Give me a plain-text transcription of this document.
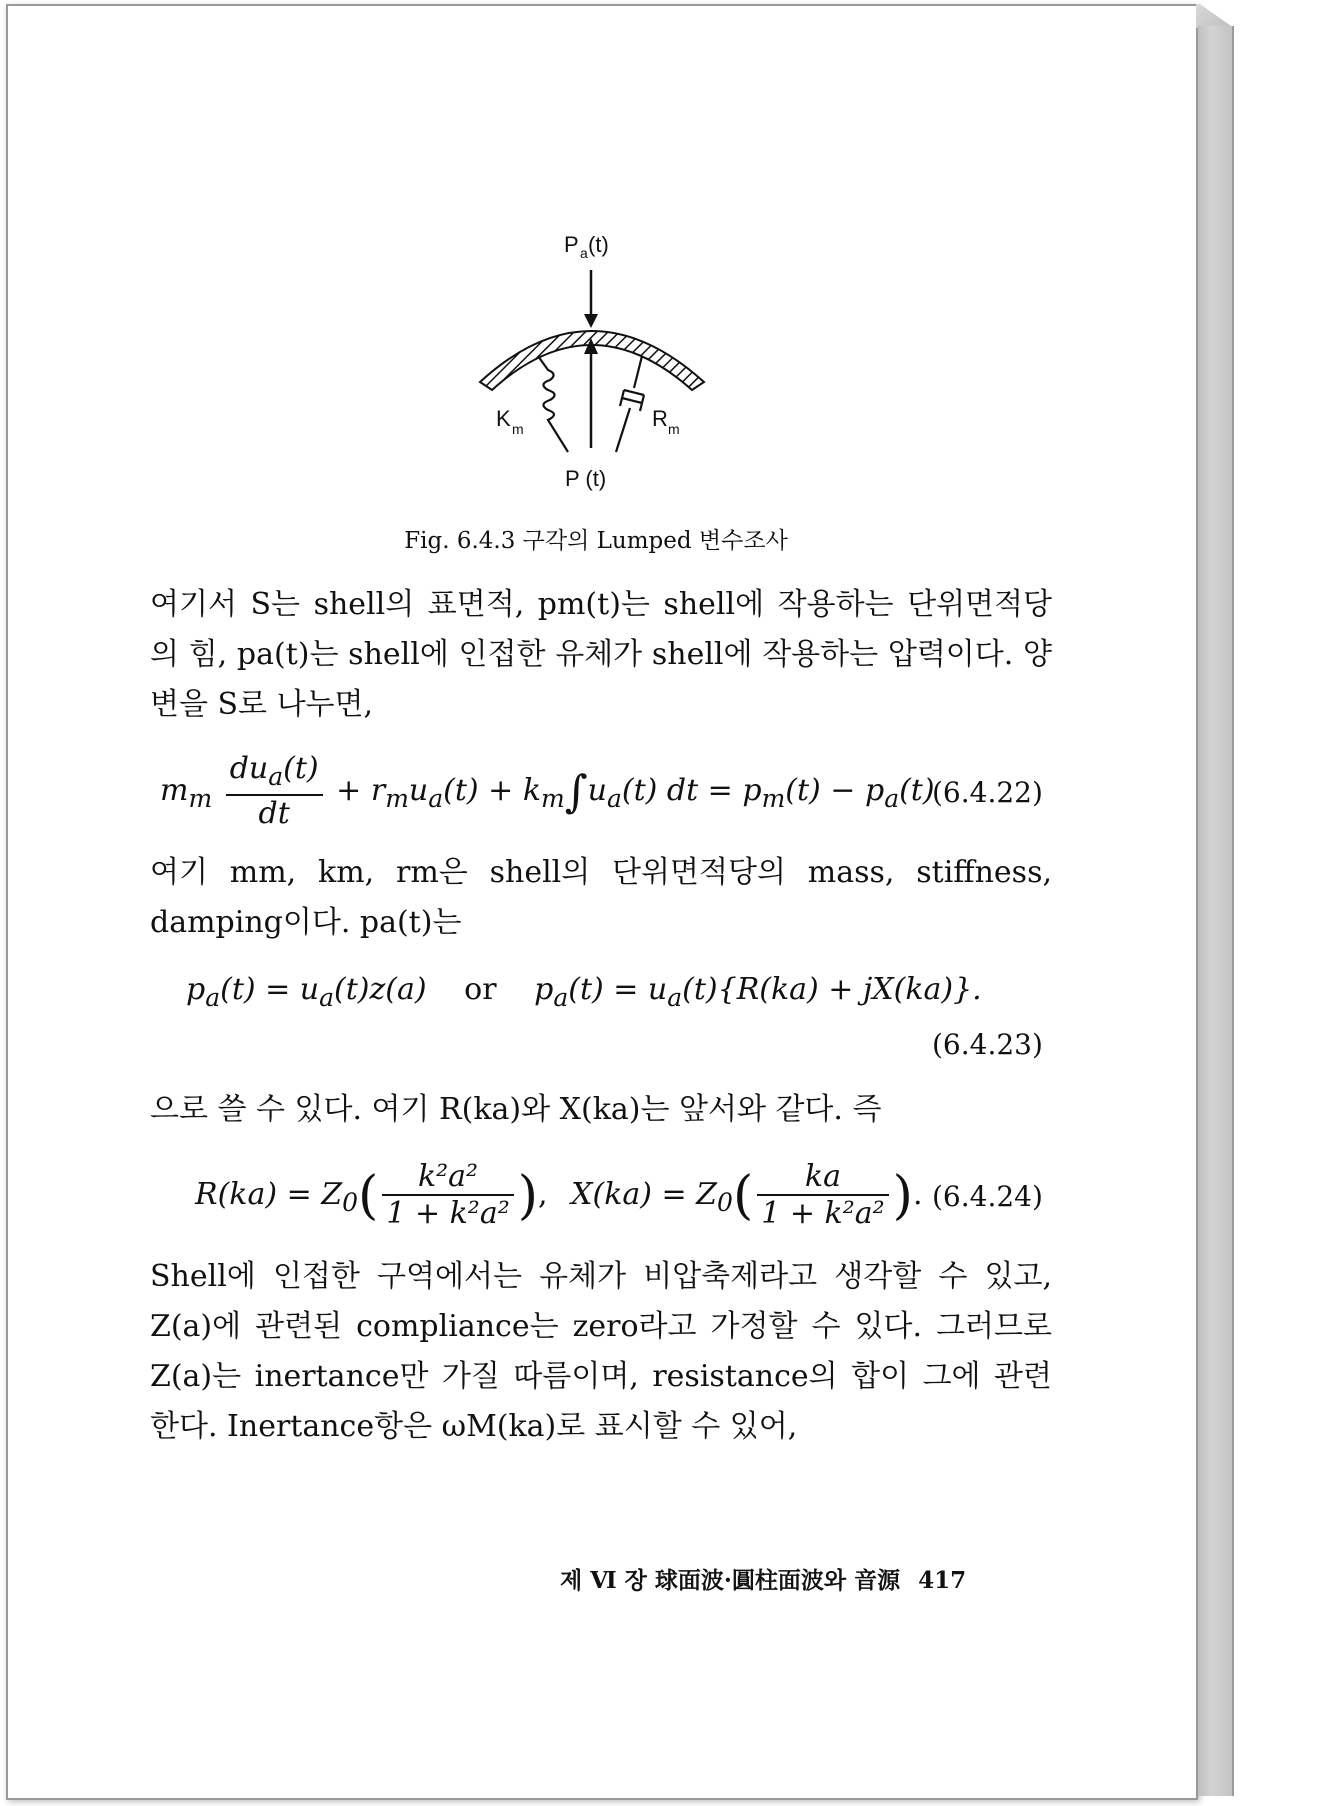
P a (t)
K m	R m
P (t)
Fig. 6.4.3 구각의 Lumped 변수조사
여기서 S는 shell의 표면적, pm(t)는 shell에 작용하는 단위면적당의 힘, pa(t)는 shell에 인접한 유체가 shell에 작용하는 압력이다. 양변을 S로 나누면,
$m_m \frac{du_a(t)}{dt} + r_mu_a(t) + k_m\int u_a(t)$ dt = $p_m(t) - p_a(t)$
(6.4.22)
여기 mm, km, rm은 shell의 단위면적당의 mass, stiffness, damping이다. pa(t)는
$p_a(t) = u_a(t)z(a)$ or $p_a(t) = u_a(t)\{R(ka) + jX(ka)\}$.
(6.4.23)
으로 쓸 수 있다. 여기 R(ka)와 X(ka)는 앞서와 같다. 즉
$R(ka) = Z_0( \frac{\text{k²a²}}{\text{1 + k²a²}}$ ), $X(ka) = Z_0( \frac{ka}{\text{1 + k²a²}}$ ). (6.4.24)
Shell에 인접한 구역에서는 유체가 비압축제라고 생각할 수 있고, Z(a)에 관련된 compliance는 zero라고 가정할 수 있다. 그러므로 Z(a)는 inertance만 가질 따름이며, resistance의 합이 그에 관련한다. Inertance항은 ωM(ka)로 표시할 수 있어,
제 Ⅵ 장 球面波·圓柱面波와 音源 417
